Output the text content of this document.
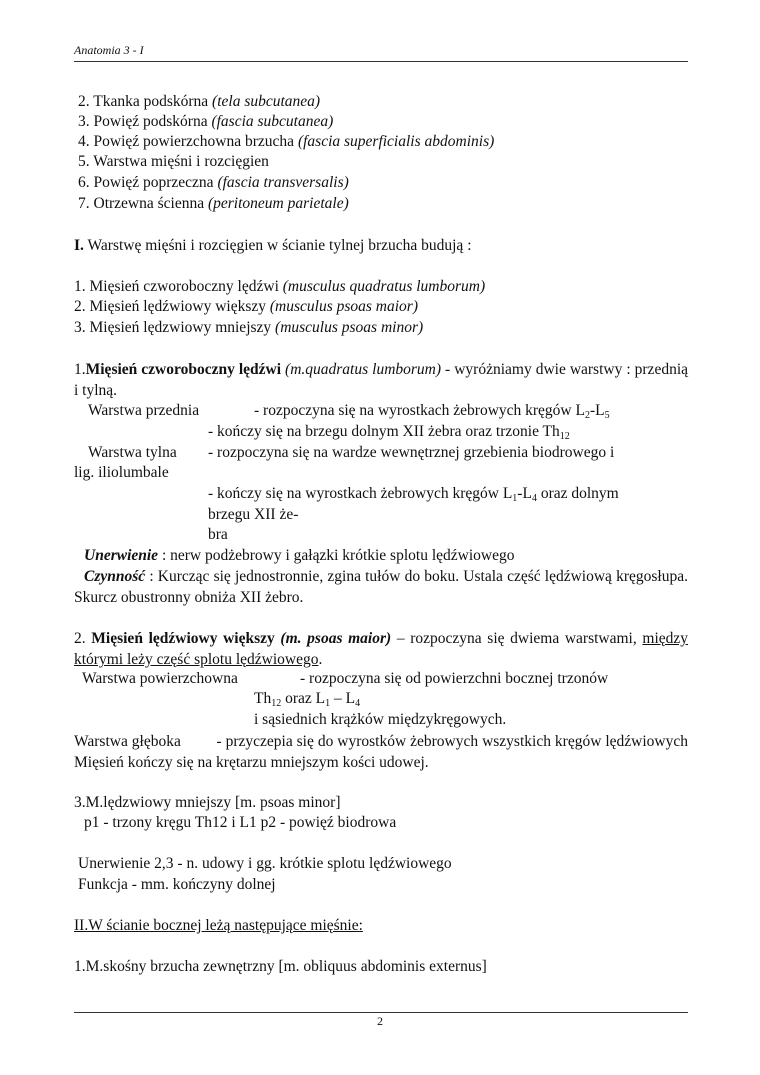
Anatomia 3 - I
2. Tkanka podskórna (tela subcutanea)
3. Powięź podskórna (fascia subcutanea)
4. Powięź powierzchowna brzucha (fascia superficialis abdominis)
5. Warstwa mięśni i rozcięgien
6. Powięź poprzeczna (fascia transversalis)
7. Otrzewna ścienna (peritoneum parietale)
I. Warstwę mięśni i rozcięgien w ścianie tylnej brzucha budują :
1. Mięsień czworoboczny lędźwi (musculus quadratus lumborum)
2. Mięsień lędźwiowy większy (musculus psoas maior)
3. Mięsień lędzwiowy mniejszy (musculus psoas minor)
1.Mięsień czworoboczny lędźwi (m.quadratus lumborum) - wyróżniamy dwie warstwy : przednią i tylną.
Warstwa przednia	- rozpoczyna się na wyrostkach żebrowych kręgów $L_2-L_5$
- kończy się na brzegu dolnym XII żebra oraz trzonie $Th_{12}$
Warstwa tylna - rozpoczyna się na wardze wewnętrznej grzebienia biodrowego i
lig. iliolumbale
- kończy się na wyrostkach żebrowych kręgów $L_1-L_4$ oraz dolnym
brzegu XII że-
bra
Unerwienie : nerw podżebrowy i gałązki krótkie splotu lędźwiowego
Czynność : Kurcząc się jednostronnie, zgina tułów do boku. Ustala część lędźwiową kręgosłupa. Skurcz obustronny obniża XII żebro.
2. Mięsień lędźwiowy większy (m. psoas maior) – rozpoczyna się dwiema warstwami, między którymi leży część splotu lędźwiowego.
Warstwa powierzchowna	- rozpoczyna się od powierzchni bocznej trzonów
$Th_{12}$ oraz $L_1 - L_4$
i sąsiednich krążków międzykręgowych.
Warstwa głęboka         - przyczepia się do wyrostków żebrowych wszystkich kręgów lędźwiowych Mięsień kończy się na krętarzu mniejszym kości udowej.
3.M.lędzwiowy mniejszy [m. psoas minor]
p1 - trzony kręgu Th12 i L1 p2 - powięź biodrowa
Unerwienie 2,3 - n. udowy i gg. krótkie splotu lędźwiowego
Funkcja - mm. kończyny dolnej
II.W ścianie bocznej leżą następujące mięśnie:
1.M.skośny brzucha zewnętrzny [m. obliquus abdominis externus]
2
